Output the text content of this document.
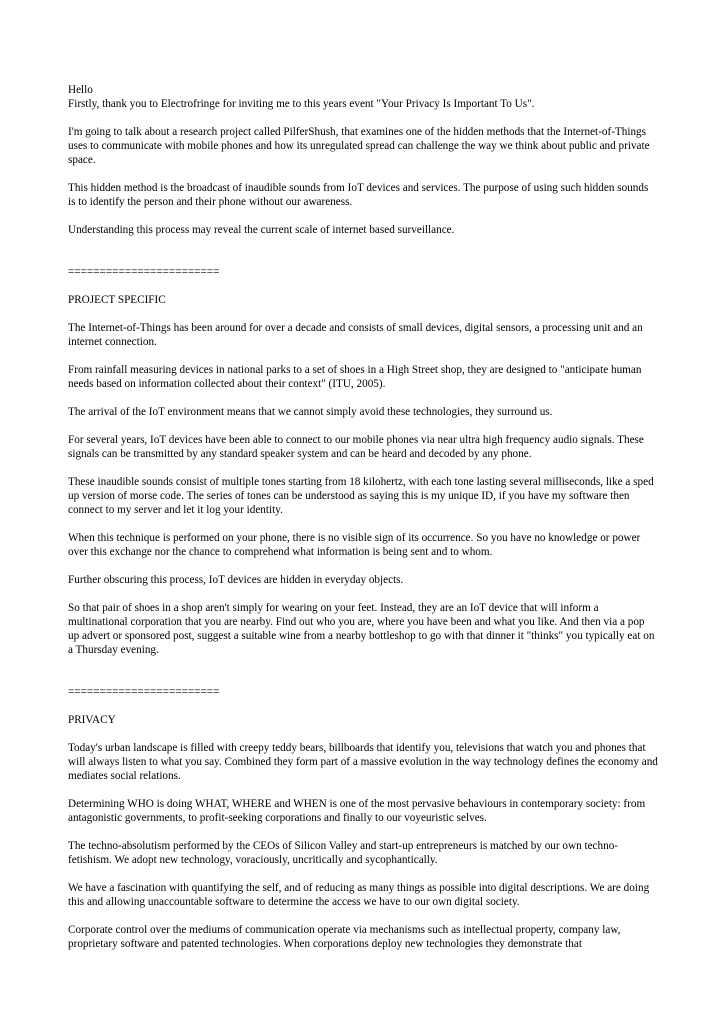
Hello

Firstly, thank you to Electrofringe for inviting me to this years event "Your Privacy Is Important To Us".

I'm going to talk about a research project called PilferShush, that examines one of the hidden methods that the Internet-of-Things uses to communicate with mobile phones and how its unregulated spread can challenge the way we think about public and private space.

This hidden method is the broadcast of inaudible sounds from IoT devices and services. The purpose of using such hidden sounds is to identify the person and their phone without our awareness.

Understanding this process may reveal the current scale of internet based surveillance.

========================

PROJECT SPECIFIC

The Internet-of-Things has been around for over a decade and consists of small devices, digital sensors, a processing unit and an internet connection.

From rainfall measuring devices in national parks to a set of shoes in a High Street shop, they are designed to "anticipate human needs based on information collected about their context" (ITU, 2005).

The arrival of the IoT environment means that we cannot simply avoid these technologies, they surround us.

For several years, IoT devices have been able to connect to our mobile phones via near ultra high frequency audio signals. These signals can be transmitted by any standard speaker system and can be heard and decoded by any phone.

These inaudible sounds consist of multiple tones starting from 18 kilohertz, with each tone lasting several milliseconds, like a sped up version of morse code. The series of tones can be understood as saying this is my unique ID, if you have my software then connect to my server and let it log your identity.

When this technique is performed on your phone, there is no visible sign of its occurrence. So you have no knowledge or power over this exchange nor the chance to comprehend what information is being sent and to whom.

Further obscuring this process, IoT devices are hidden in everyday objects.

So that pair of shoes in a shop aren't simply for wearing on your feet. Instead, they are an IoT device that will inform a multinational corporation that you are nearby. Find out who you are, where you have been and what you like. And then via a pop up advert or sponsored post, suggest a suitable wine from a nearby bottleshop to go with that dinner it "thinks" you typically eat on a Thursday evening.

========================

PRIVACY

Today's urban landscape is filled with creepy teddy bears, billboards that identify you, televisions that watch you and phones that will always listen to what you say. Combined they form part of a massive evolution in the way technology defines the economy and mediates social relations.

Determining WHO is doing WHAT, WHERE and WHEN is one of the most pervasive behaviours in contemporary society: from antagonistic governments, to profit-seeking corporations and finally to our voyeuristic selves.

The techno-absolutism performed by the CEOs of Silicon Valley and start-up entrepreneurs is matched by our own techno-fetishism. We adopt new technology, voraciously, uncritically and sycophantically.

We have a fascination with quantifying the self, and of reducing as many things as possible into digital descriptions. We are doing this and allowing unaccountable software to determine the access we have to our own digital society.

Corporate control over the mediums of communication operate via mechanisms such as intellectual property, company law, proprietary software and patented technologies. When corporations deploy new technologies they demonstrate that
